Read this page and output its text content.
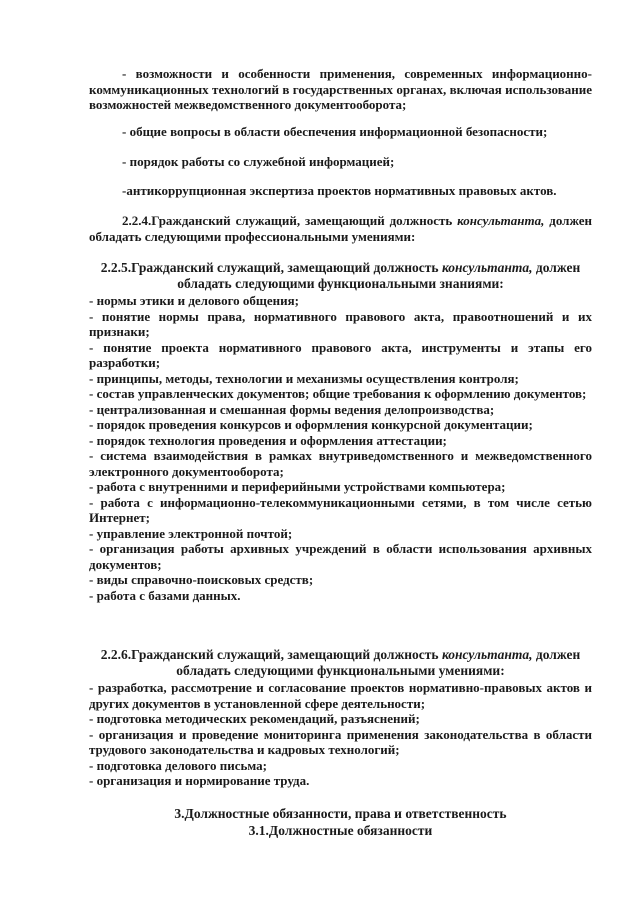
- возможности и особенности применения, современных информационно-коммуникационных технологий в государственных органах, включая использование возможностей межведомственного документооборота;

- общие вопросы в области обеспечения информационной безопасности;

- порядок работы со служебной информацией;

-антикоррупционная экспертиза проектов нормативных правовых актов.

2.2.4.Гражданский служащий, замещающий должность консультанта, должен обладать следующими профессиональными умениями:

2.2.5.Гражданский служащий, замещающий должность консультанта, должен обладать следующими функциональными знаниями:

- нормы этики и делового общения;
- понятие нормы права, нормативного правового акта, правоотношений и их признаки;
- понятие проекта нормативного правового акта, инструменты и этапы его разработки;
- принципы, методы, технологии и механизмы осуществления контроля;
- состав управленческих документов; общие требования к оформлению документов;
- централизованная и смешанная формы ведения делопроизводства;
- порядок проведения конкурсов и оформления конкурсной документации;
- порядок технология проведения и оформления аттестации;
- система взаимодействия в рамках внутриведомственного и межведомственного электронного документооборота;
- работа с внутренними и периферийными устройствами компьютера;
- работа с информационно-телекоммуникационными сетями, в том числе сетью Интернет;
- управление электронной почтой;
- организация работы архивных учреждений в области использования архивных документов;
- виды справочно-поисковых средств;
- работа с базами данных.

2.2.6.Гражданский служащий, замещающий должность консультанта, должен обладать следующими функциональными умениями:

- разработка, рассмотрение и согласование проектов нормативно-правовых актов и других документов в установленной сфере деятельности;
- подготовка методических рекомендаций, разъяснений;
- организация и проведение мониторинга применения законодательства в области трудового законодательства и кадровых технологий;
- подготовка делового письма;
- организация и нормирование труда.

3.Должностные обязанности, права и ответственность

3.1.Должностные обязанности
